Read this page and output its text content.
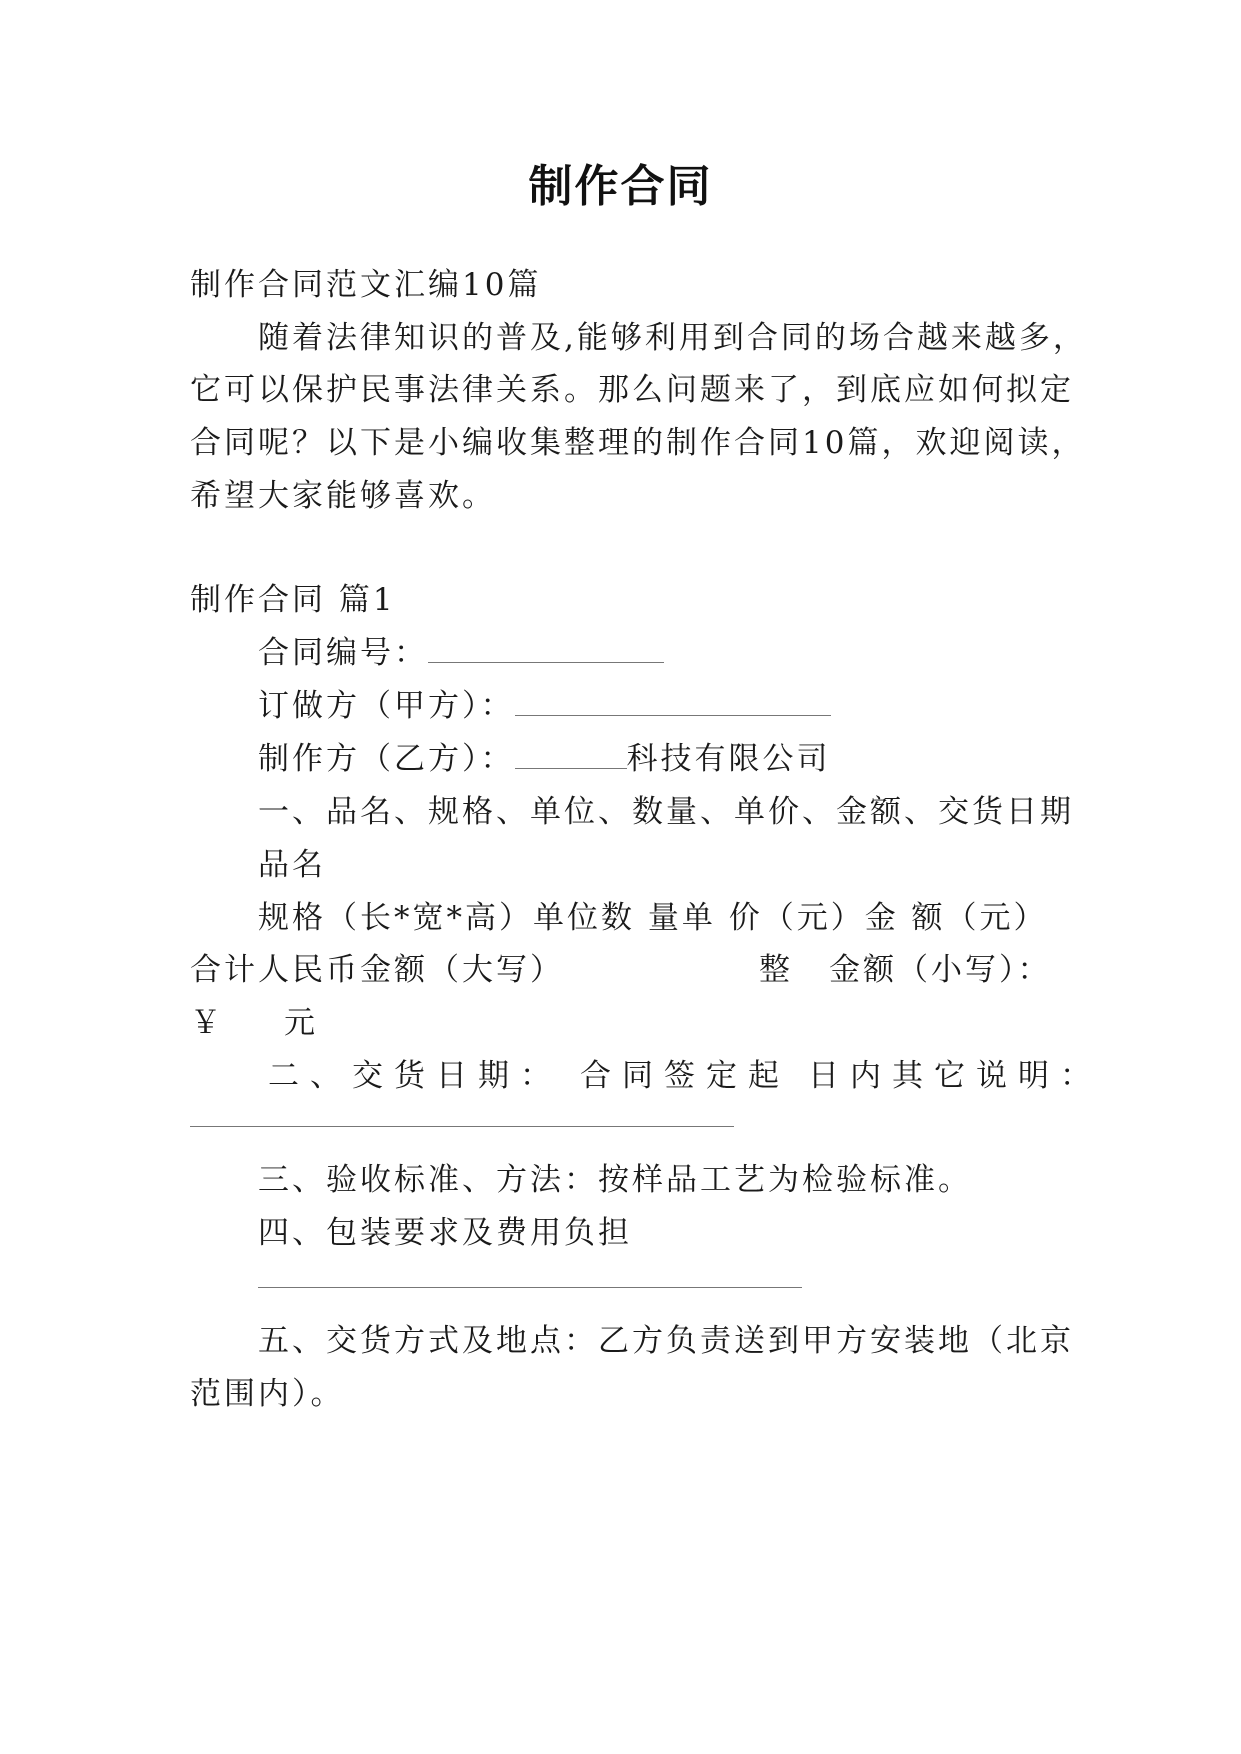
制作合同
制作合同范文汇编10篇
随着法律知识的普及,能够利用到合同的场合越来越多，
它可以保护民事法律关系。那么问题来了，到底应如何拟定
合同呢？以下是小编收集整理的制作合同10篇，欢迎阅读，
希望大家能够喜欢。
制作合同 篇1
合同编号：
订做方（甲方）：
制作方（乙方）：	科技有限公司
一、品名、规格、单位、数量、单价、金额、交货日期
品名
规格（长*宽*高）单位数 量单 价（元）金 额（元）
合计人民币金额（大写）	整 金额（小写）：
￥ 元
二、交货日期： 合同签定起 日内其它说明：
三、验收标准、方法：按样品工艺为检验标准。
四、包装要求及费用负担
五、交货方式及地点：乙方负责送到甲方安装地（北京
范围内）。
